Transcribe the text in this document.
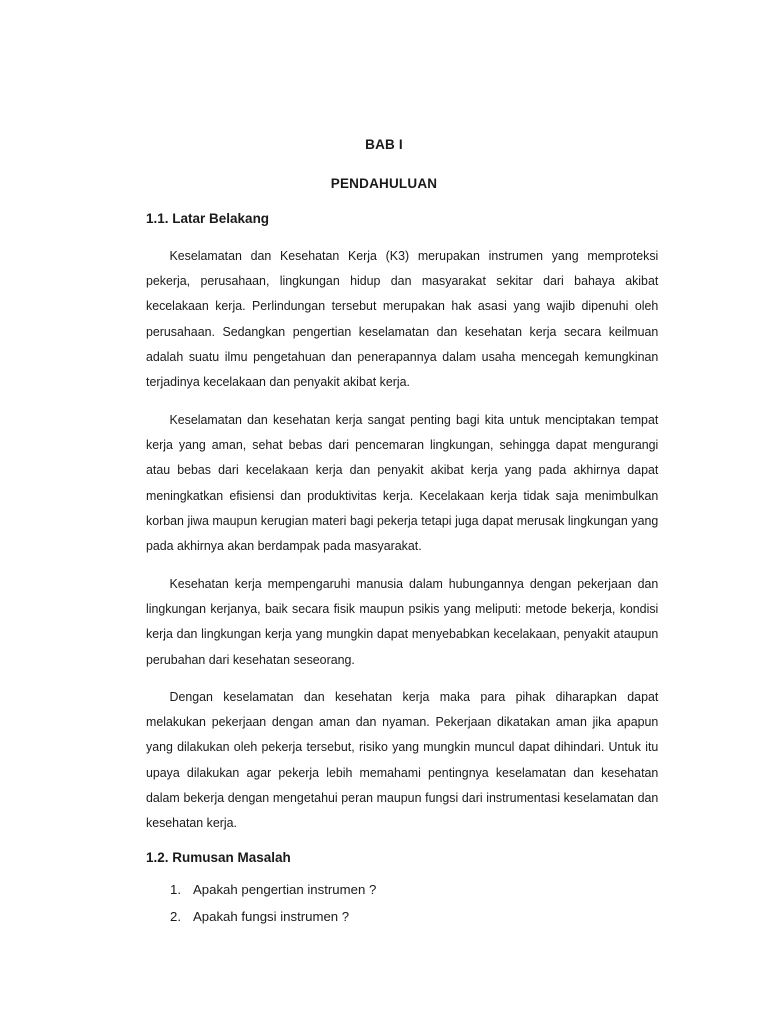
BAB I
PENDAHULUAN
1.1. Latar Belakang

Keselamatan dan Kesehatan Kerja (K3) merupakan instrumen yang memproteksi pekerja, perusahaan, lingkungan hidup dan masyarakat sekitar dari bahaya akibat kecelakaan kerja. Perlindungan tersebut merupakan hak asasi yang wajib dipenuhi oleh perusahaan. Sedangkan pengertian keselamatan dan kesehatan kerja secara keilmuan adalah suatu ilmu pengetahuan dan penerapannya dalam usaha mencegah kemungkinan terjadinya kecelakaan dan penyakit akibat kerja.

Keselamatan dan kesehatan kerja sangat penting bagi kita untuk menciptakan tempat kerja yang aman, sehat bebas dari pencemaran lingkungan, sehingga dapat mengurangi atau bebas dari kecelakaan kerja dan penyakit akibat kerja yang pada akhirnya dapat meningkatkan efisiensi dan produktivitas kerja. Kecelakaan kerja tidak saja menimbulkan korban jiwa maupun kerugian materi bagi pekerja tetapi juga dapat merusak lingkungan yang pada akhirnya akan berdampak pada masyarakat.

Kesehatan kerja mempengaruhi manusia dalam hubungannya dengan pekerjaan dan lingkungan kerjanya, baik secara fisik maupun psikis yang meliputi: metode bekerja, kondisi kerja dan lingkungan kerja yang mungkin dapat menyebabkan kecelakaan, penyakit ataupun perubahan dari kesehatan seseorang.

Dengan keselamatan dan kesehatan kerja maka para pihak diharapkan dapat melakukan pekerjaan dengan aman dan nyaman. Pekerjaan dikatakan aman jika apapun yang dilakukan oleh pekerja tersebut, risiko yang mungkin muncul dapat dihindari. Untuk itu upaya dilakukan agar pekerja lebih memahami pentingnya keselamatan dan kesehatan dalam bekerja dengan mengetahui peran maupun fungsi dari instrumentasi keselamatan dan kesehatan kerja.

1.2. Rumusan Masalah
1. Apakah pengertian instrumen ?
2. Apakah fungsi instrumen ?
